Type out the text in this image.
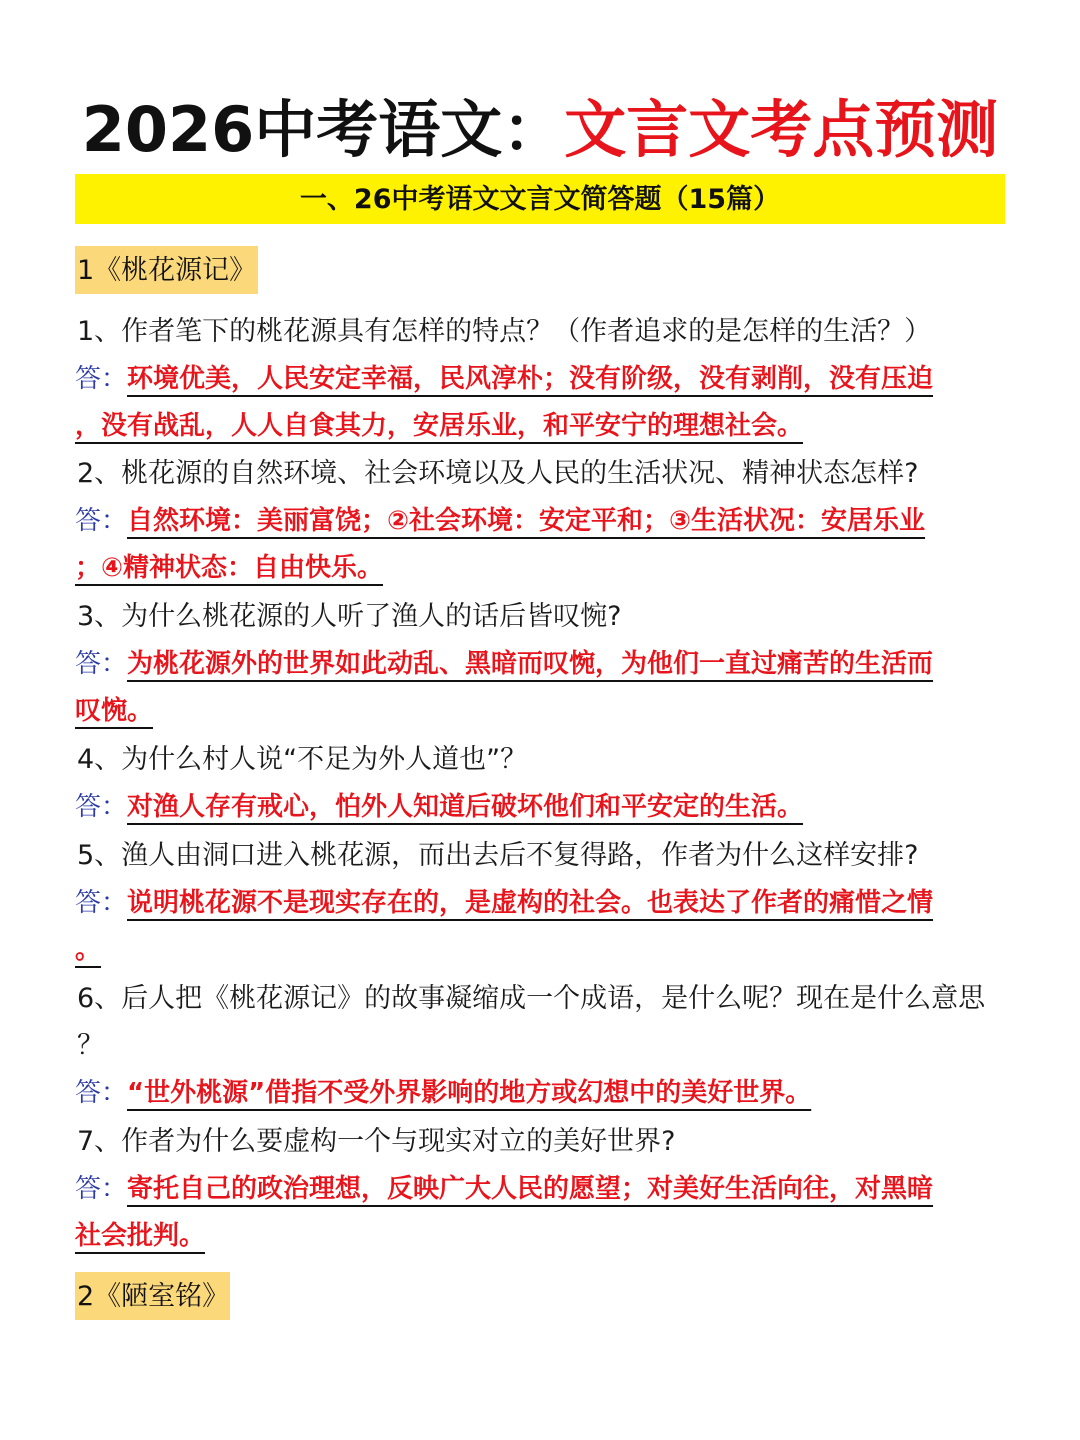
2026中考语文：文言文考点预测
一、26中考语文文言文简答题（15篇）
1《桃花源记》
1、作者笔下的桃花源具有怎样的特点？（作者追求的是怎样的生活？）
答：环境优美，人民安定幸福，民风淳朴；没有阶级，没有剥削，没有压迫
，没有战乱，人人自食其力，安居乐业，和平安宁的理想社会。
2、桃花源的自然环境、社会环境以及人民的生活状况、精神状态怎样?
答：自然环境：美丽富饶；②社会环境：安定平和；③生活状况：安居乐业
；④精神状态：自由快乐。
3、为什么桃花源的人听了渔人的话后皆叹惋?
答：为桃花源外的世界如此动乱、黑暗而叹惋，为他们一直过痛苦的生活而
叹惋。
4、为什么村人说“不足为外人道也”？
答：对渔人存有戒心，怕外人知道后破坏他们和平安定的生活。
5、渔人由洞口进入桃花源，而出去后不复得路，作者为什么这样安排?
答：说明桃花源不是现实存在的，是虚构的社会。也表达了作者的痛惜之情
。
6、后人把《桃花源记》的故事凝缩成一个成语，是什么呢？现在是什么意思
？
答：“世外桃源”借指不受外界影响的地方或幻想中的美好世界。
7、作者为什么要虚构一个与现实对立的美好世界?
答：寄托自己的政治理想，反映广大人民的愿望；对美好生活向往，对黑暗
社会批判。
2《陋室铭》
